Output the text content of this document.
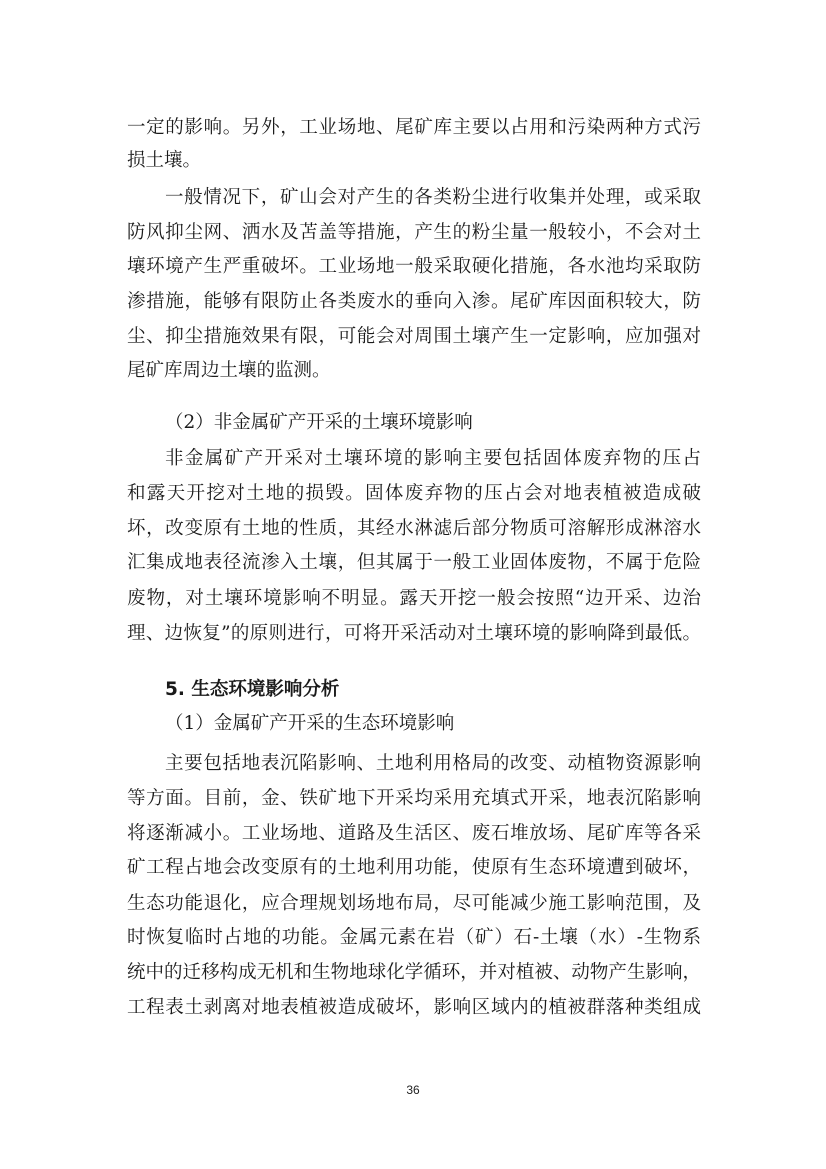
一定的影响。另外，工业场地、尾矿库主要以占用和污染两种方式污
损土壤。
一般情况下，矿山会对产生的各类粉尘进行收集并处理，或采取
防风抑尘网、洒水及苫盖等措施，产生的粉尘量一般较小，不会对土
壤环境产生严重破坏。工业场地一般采取硬化措施，各水池均采取防
渗措施，能够有限防止各类废水的垂向入渗。尾矿库因面积较大，防
尘、抑尘措施效果有限，可能会对周围土壤产生一定影响，应加强对
尾矿库周边土壤的监测。
（2）非金属矿产开采的土壤环境影响
非金属矿产开采对土壤环境的影响主要包括固体废弃物的压占
和露天开挖对土地的损毁。固体废弃物的压占会对地表植被造成破
坏，改变原有土地的性质，其经水淋滤后部分物质可溶解形成淋溶水
汇集成地表径流渗入土壤，但其属于一般工业固体废物，不属于危险
废物，对土壤环境影响不明显。露天开挖一般会按照“边开采、边治
理、边恢复”的原则进行，可将开采活动对土壤环境的影响降到最低。
5. 生态环境影响分析
（1）金属矿产开采的生态环境影响
主要包括地表沉陷影响、土地利用格局的改变、动植物资源影响
等方面。目前，金、铁矿地下开采均采用充填式开采，地表沉陷影响
将逐渐减小。工业场地、道路及生活区、废石堆放场、尾矿库等各采
矿工程占地会改变原有的土地利用功能，使原有生态环境遭到破坏，
生态功能退化，应合理规划场地布局，尽可能减少施工影响范围，及
时恢复临时占地的功能。金属元素在岩（矿）石-土壤（水）-生物系
统中的迁移构成无机和生物地球化学循环，并对植被、动物产生影响，
工程表土剥离对地表植被造成破坏，影响区域内的植被群落种类组成
36
